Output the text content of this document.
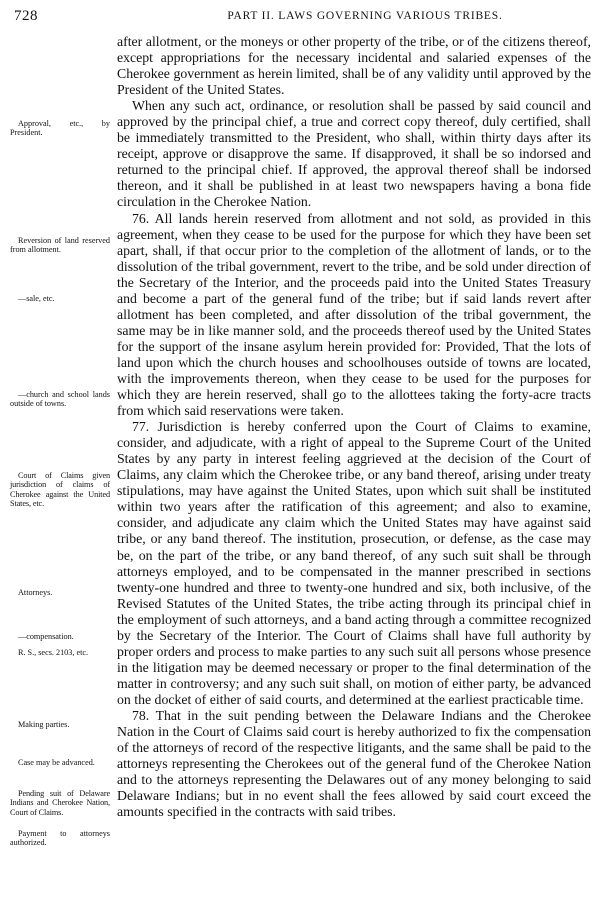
728	PART II. LAWS GOVERNING VARIOUS TRIBES.
Approval, etc., by President.
Reversion of land reserved from allotment.
—sale, etc.
—church and school lands outside of towns.
Court of Claims given jurisdiction of claims of Cherokee against the United States, etc.
Attorneys.
—compensation.
R. S., secs. 2103, etc.
Making parties.
Case may be advanced.
Pending suit of Delaware Indians and Cherokee Nation, Court of Claims.
Payment to attorneys authorized.

after allotment, or the moneys or other property of the tribe, or of the citizens thereof, except appropriations for the necessary incidental and salaried expenses of the Cherokee government as herein limited, shall be of any validity until approved by the President of the United States.

When any such act, ordinance, or resolution shall be passed by said council and approved by the principal chief, a true and correct copy thereof, duly certified, shall be immediately transmitted to the President, who shall, within thirty days after its receipt, approve or disapprove the same. If disapproved, it shall be so indorsed and returned to the principal chief. If approved, the approval thereof shall be indorsed thereon, and it shall be published in at least two newspapers having a bona fide circulation in the Cherokee Nation.

76. All lands herein reserved from allotment and not sold, as provided in this agreement, when they cease to be used for the purpose for which they have been set apart, shall, if that occur prior to the completion of the allotment of lands, or to the dissolution of the tribal government, revert to the tribe, and be sold under direction of the Secretary of the Interior, and the proceeds paid into the United States Treasury and become a part of the general fund of the tribe; but if said lands revert after allotment has been completed, and after dissolution of the tribal government, the same may be in like manner sold, and the proceeds thereof used by the United States for the support of the insane asylum herein provided for: Provided, That the lots of land upon which the church houses and schoolhouses outside of towns are located, with the improvements thereon, when they cease to be used for the purposes for which they are herein reserved, shall go to the allottees taking the forty-acre tracts from which said reservations were taken.

77. Jurisdiction is hereby conferred upon the Court of Claims to examine, consider, and adjudicate, with a right of appeal to the Supreme Court of the United States by any party in interest feeling aggrieved at the decision of the Court of Claims, any claim which the Cherokee tribe, or any band thereof, arising under treaty stipulations, may have against the United States, upon which suit shall be instituted within two years after the ratification of this agreement; and also to examine, consider, and adjudicate any claim which the United States may have against said tribe, or any band thereof. The institution, prosecution, or defense, as the case may be, on the part of the tribe, or any band thereof, of any such suit shall be through attorneys employed, and to be compensated in the manner prescribed in sections twenty-one hundred and three to twenty-one hundred and six, both inclusive, of the Revised Statutes of the United States, the tribe acting through its principal chief in the employment of such attorneys, and a band acting through a committee recognized by the Secretary of the Interior. The Court of Claims shall have full authority by proper orders and process to make parties to any such suit all persons whose presence in the litigation may be deemed necessary or proper to the final determination of the matter in controversy; and any such suit shall, on motion of either party, be advanced on the docket of either of said courts, and determined at the earliest practicable time.

78. That in the suit pending between the Delaware Indians and the Cherokee Nation in the Court of Claims said court is hereby authorized to fix the compensation of the attorneys of record of the respective litigants, and the same shall be paid to the attorneys representing the Cherokees out of the general fund of the Cherokee Nation and to the attorneys representing the Delawares out of any money belonging to said Delaware Indians; but in no event shall the fees allowed by said court exceed the amounts specified in the contracts with said tribes.
